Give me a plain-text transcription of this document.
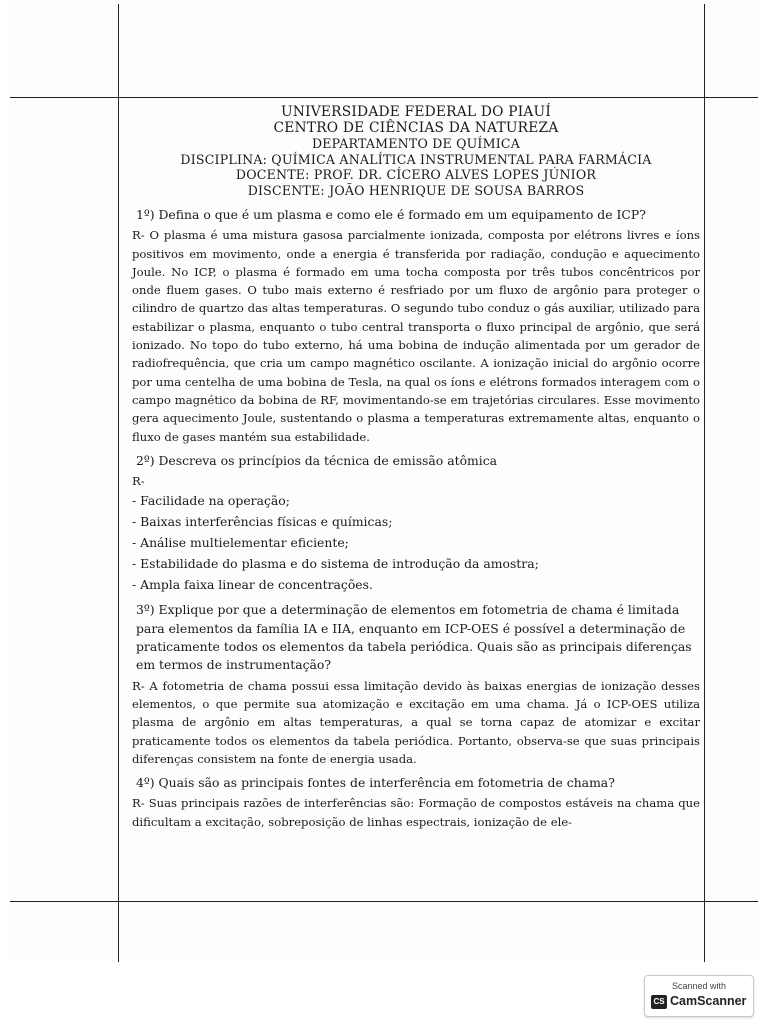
UNIVERSIDADE FEDERAL DO PIAUÍ
CENTRO DE CIÊNCIAS DA NATUREZA
DEPARTAMENTO DE QUÍMICA
DISCIPLINA: QUÍMICA ANALÍTICA INSTRUMENTAL PARA FARMÁCIA
DOCENTE: PROF. DR. CÍCERO ALVES LOPES JÚNIOR
DISCENTE: JOÃO HENRIQUE DE SOUSA BARROS
1º) Defina o que é um plasma e como ele é formado em um equipamento de ICP?

R- O plasma é uma mistura gasosa parcialmente ionizada, composta por elétrons livres e íons positivos em movimento, onde a energia é transferida por radiação, condução e aquecimento Joule. No ICP, o plasma é formado em uma tocha composta por três tubos concêntricos por onde fluem gases. O tubo mais externo é resfriado por um fluxo de argônio para proteger o cilindro de quartzo das altas temperaturas. O segundo tubo conduz o gás auxiliar, utilizado para estabilizar o plasma, enquanto o tubo central transporta o fluxo principal de argônio, que será ionizado. No topo do tubo externo, há uma bobina de indução alimentada por um gerador de radiofrequência, que cria um campo magnético oscilante. A ionização inicial do argônio ocorre por uma centelha de uma bobina de Tesla, na qual os íons e elétrons formados interagem com o campo magnético da bobina de RF, movimentando-se em trajetórias circulares. Esse movimento gera aquecimento Joule, sustentando o plasma a temperaturas extremamente altas, enquanto o fluxo de gases mantém sua estabilidade.

2º) Descreva os princípios da técnica de emissão atômica
R-
- Facilidade na operação;
- Baixas interferências físicas e químicas;
- Análise multielementar eficiente;
- Estabilidade do plasma e do sistema de introdução da amostra;
- Ampla faixa linear de concentrações.
3º) Explique por que a determinação de elementos em fotometria de chama é limitada para elementos da família IA e IIA, enquanto em ICP-OES é possível a determinação de praticamente todos os elementos da tabela periódica. Quais são as principais diferenças em termos de instrumentação?

R- A fotometria de chama possui essa limitação devido às baixas energias de ionização desses elementos, o que permite sua atomização e excitação em uma chama. Já o ICP-OES utiliza plasma de argônio em altas temperaturas, a qual se torna capaz de atomizar e excitar praticamente todos os elementos da tabela periódica. Portanto, observa-se que suas principais diferenças consistem na fonte de energia usada.

4º) Quais são as principais fontes de interferência em fotometria de chama?

R- Suas principais razões de interferências são: Formação de compostos estáveis na chama que dificultam a excitação, sobreposição de linhas espectrais, ionização de ele-

Scanned with
CS CamScanner
